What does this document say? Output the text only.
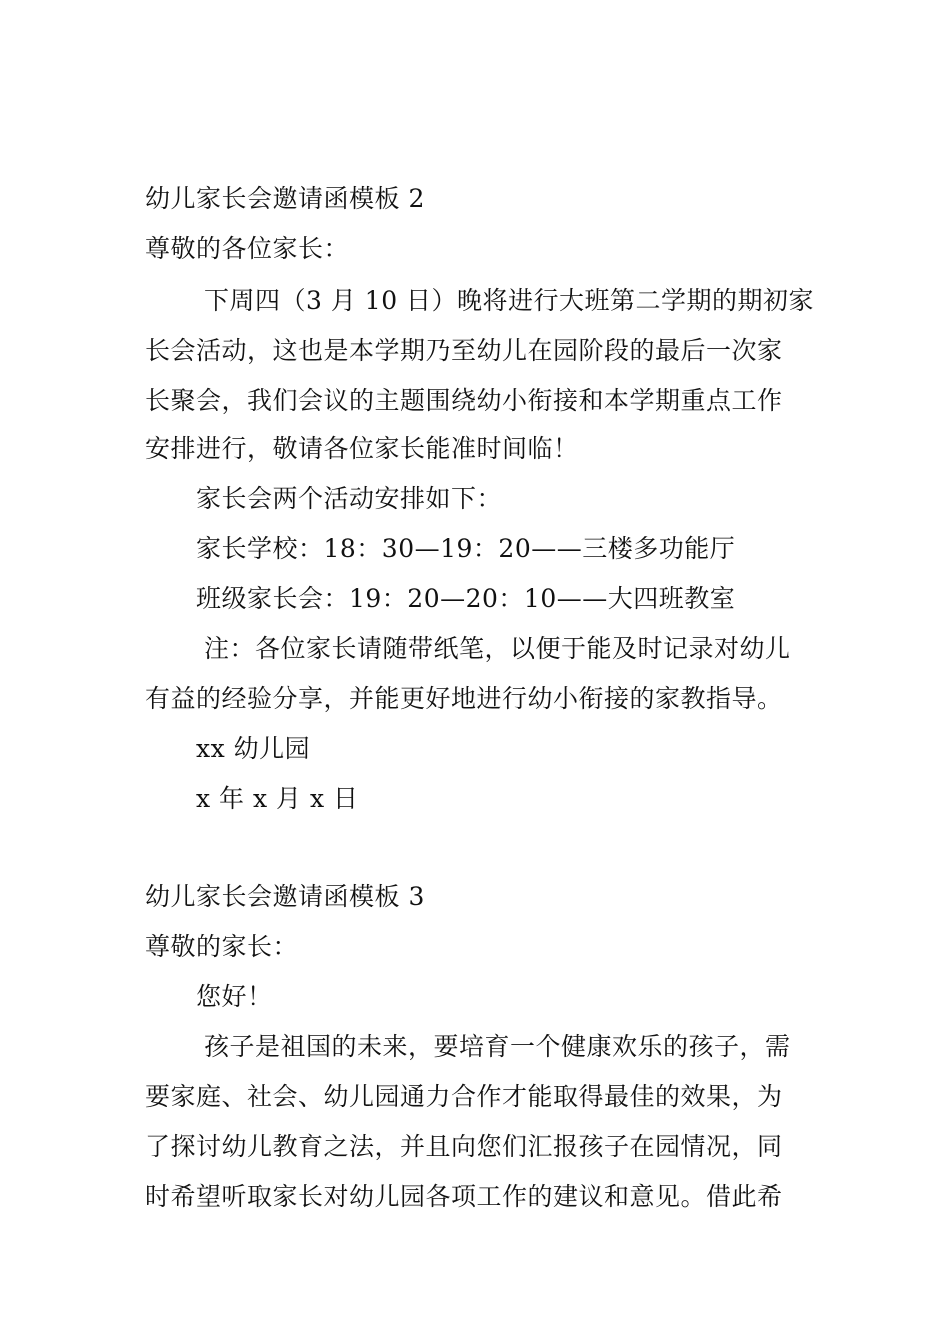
幼儿家长会邀请函模板 2
尊敬的各位家长：
下周四（3 月 10 日）晚将进行大班第二学期的期初家
长会活动，这也是本学期乃至幼儿在园阶段的最后一次家
长聚会，我们会议的主题围绕幼小衔接和本学期重点工作
安排进行，敬请各位家长能准时间临！
家长会两个活动安排如下：
家长学校：18：30—19：20——三楼多功能厅
班级家长会：19：20—20：10——大四班教室
注：各位家长请随带纸笔，以便于能及时记录对幼儿
有益的经验分享，并能更好地进行幼小衔接的家教指导。
xx 幼儿园
x 年 x 月 x 日
幼儿家长会邀请函模板 3
尊敬的家长：
您好！
孩子是祖国的未来，要培育一个健康欢乐的孩子，需
要家庭、社会、幼儿园通力合作才能取得最佳的效果，为
了探讨幼儿教育之法，并且向您们汇报孩子在园情况，同
时希望听取家长对幼儿园各项工作的建议和意见。借此希
